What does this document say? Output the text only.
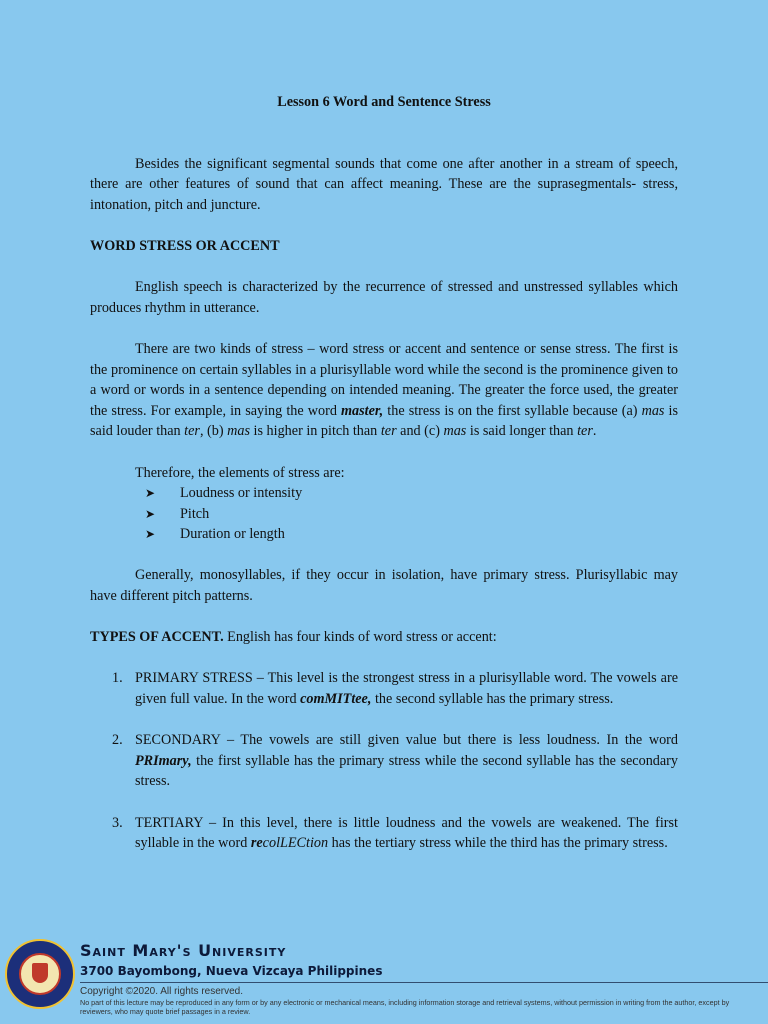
Lesson 6 Word and Sentence Stress

Besides the significant segmental sounds that come one after another in a stream of speech, there are other features of sound that can affect meaning. These are the suprasegmentals- stress, intonation, pitch and juncture.

WORD STRESS OR ACCENT

English speech is characterized by the recurrence of stressed and unstressed syllables which produces rhythm in utterance.

There are two kinds of stress – word stress or accent and sentence or sense stress. The first is the prominence on certain syllables in a plurisyllable word while the second is the prominence given to a word or words in a sentence depending on intended meaning. The greater the force used, the greater the stress. For example, in saying the word master, the stress is on the first syllable because (a) mas is said louder than ter, (b) mas is higher in pitch than ter and (c) mas is said longer than ter.

Therefore, the elements of stress are:

➤ Loudness or intensity
➤ Pitch
➤ Duration or length

Generally, monosyllables, if they occur in isolation, have primary stress. Plurisyllabic may have different pitch patterns.

TYPES OF ACCENT. English has four kinds of word stress or accent:

1. PRIMARY STRESS – This level is the strongest stress in a plurisyllable word. The vowels are given full value. In the word comMITtee, the second syllable has the primary stress.
2. SECONDARY – The vowels are still given value but there is less loudness. In the word PRImary, the first syllable has the primary stress while the second syllable has the secondary stress.
3. TERTIARY – In this level, there is little loudness and the vowels are weakened. The first syllable in the word recolLECtion has the tertiary stress while the third has the primary stress.
Saint Mary's University
3700 Bayombong, Nueva Vizcaya Philippines
Copyright ©2020. All rights reserved.
No part of this lecture may be reproduced in any form or by any electronic or mechanical means, including information storage and retrieval systems, without permission in writing from the author, except by reviewers, who may quote brief passages in a review.
